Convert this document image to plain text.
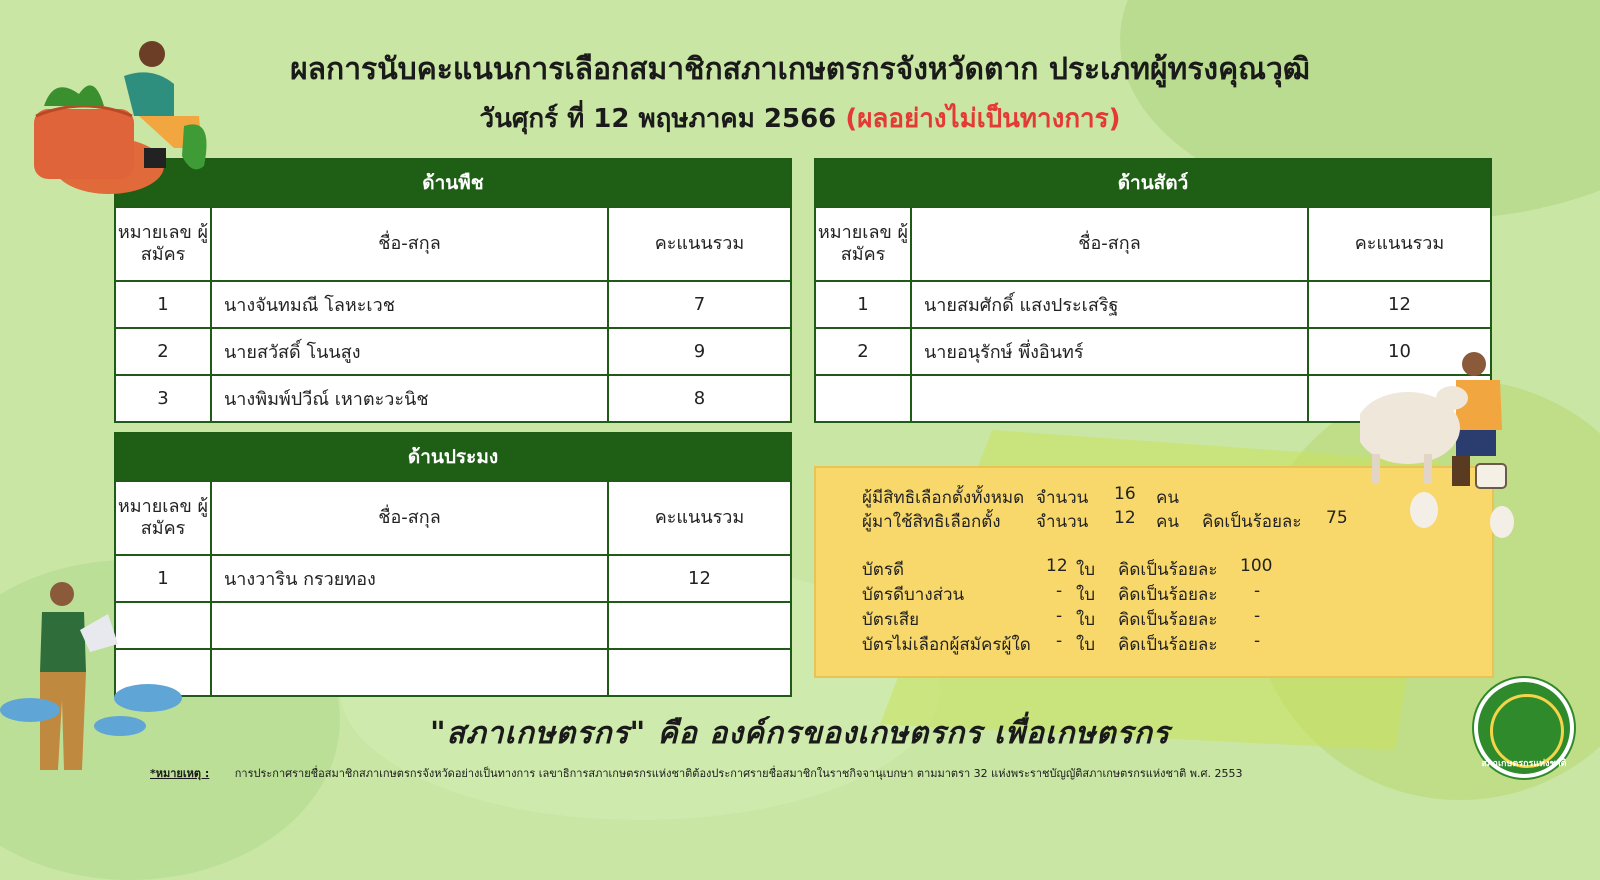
ผลการนับคะแนนการเลือกสมาชิกสภาเกษตรกรจังหวัดตาก ประเภทผู้ทรงคุณวุฒิ
วันศุกร์ ที่ 12 พฤษภาคม 2566 (ผลอย่างไม่เป็นทางการ)
ด้านพืช		
หมายเลข ผู้สมัคร	ชื่อ-สกุล	คะแนนรวม
1	นางจันทมณี โลหะเวช	7
2	นายสวัสดิ์ โนนสูง	9
3	นางพิมพ์ปวีณ์ เหาตะวะนิช	8
ด้านสัตว์		
หมายเลข ผู้สมัคร	ชื่อ-สกุล	คะแนนรวม
1	นายสมศักดิ์ แสงประเสริฐ	12
2	นายอนุรักษ์ พึ่งอินทร์	10

ด้านประมง		
หมายเลข ผู้สมัคร	ชื่อ-สกุล	คะแนนรวม
1	นางวาริน กรวยทอง	12

ผู้มีสิทธิเลือกตั้งทั้งหมด จำนวน 16 คน
ผู้มาใช้สิทธิเลือกตั้ง จำนวน 12 คน คิดเป็นร้อยละ 75
บัตรดี	12 ใบ คิดเป็นร้อยละ 100
บัตรดีบางส่วน	- ใบ คิดเป็นร้อยละ -
บัตรเสีย	- ใบ คิดเป็นร้อยละ -
บัตรไม่เลือกผู้สมัครผู้ใด - ใบ คิดเป็นร้อยละ -
"สภาเกษตรกร" คือ องค์กรของเกษตรกร เพื่อเกษตรกร
*หมายเหตุ : การประกาศรายชื่อสมาชิกสภาเกษตรกรจังหวัดอย่างเป็นทางการ เลขาธิการสภาเกษตรกรแห่งชาติต้องประกาศรายชื่อสมาชิกในราชกิจจานุเบกษา ตามมาตรา 32 แห่งพระราชบัญญัติสภาเกษตรกรแห่งชาติ พ.ศ. 2553
สภาเกษตรกรแห่งชาติ
